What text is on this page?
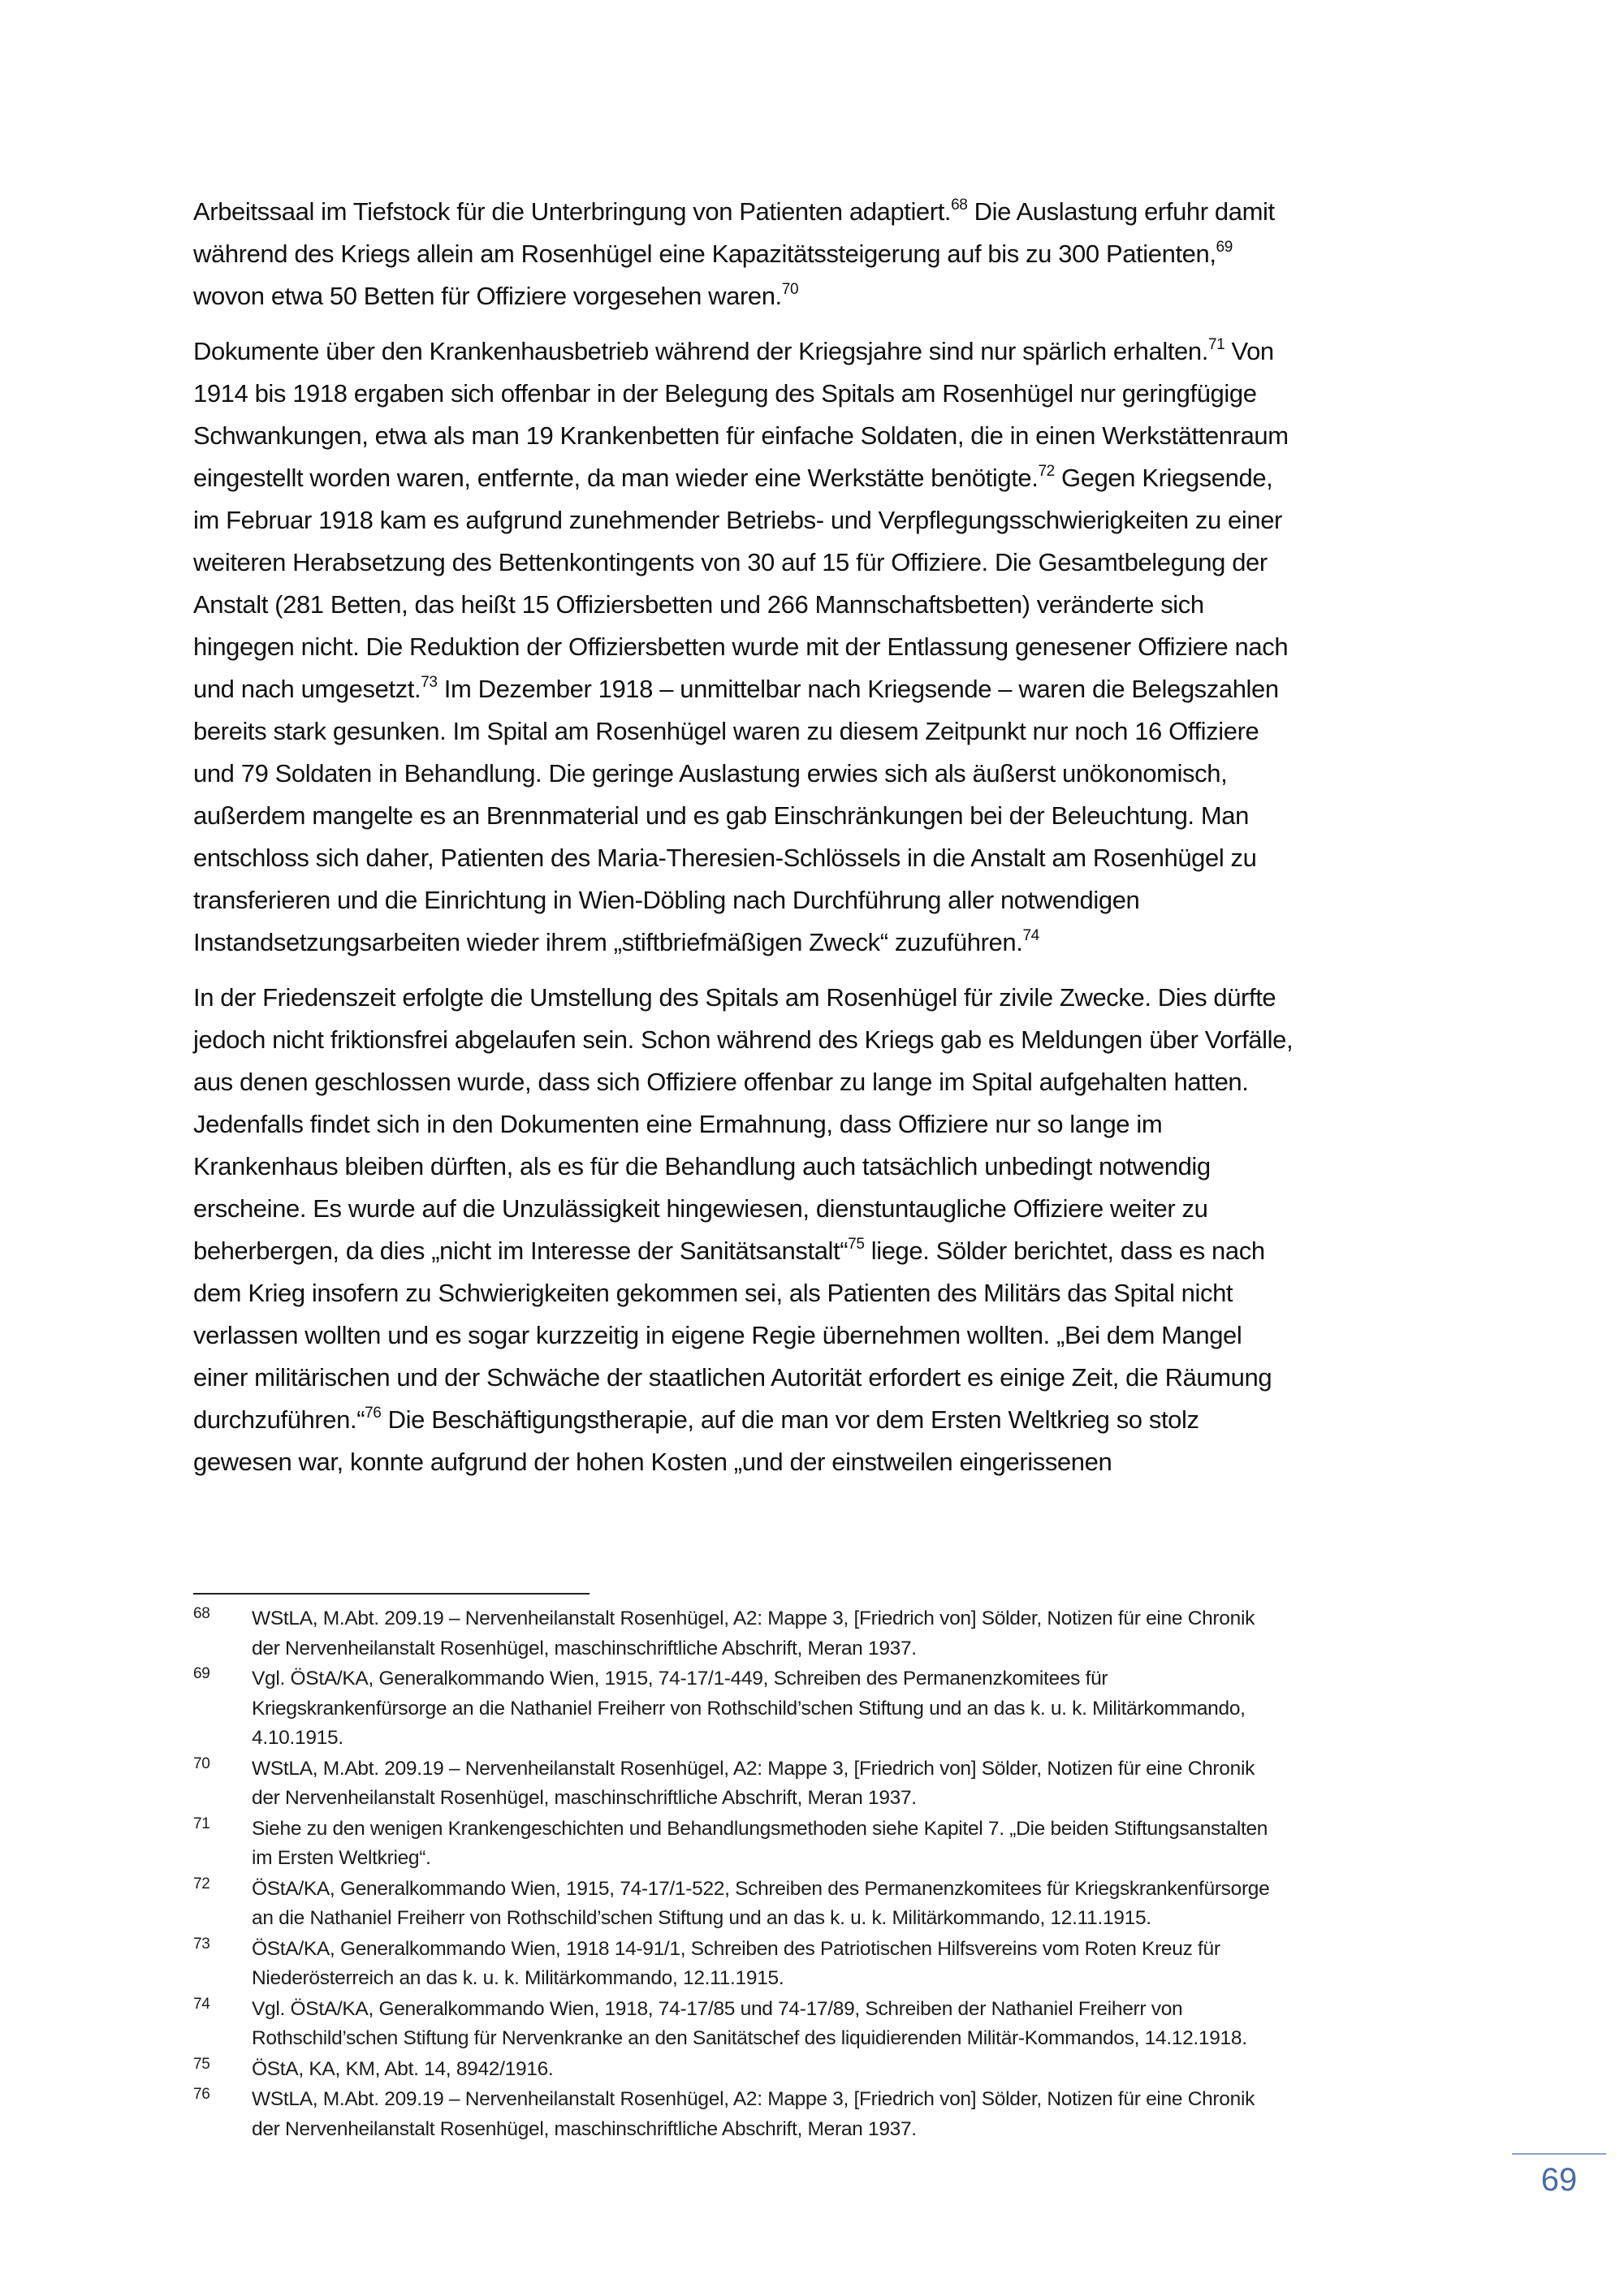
Arbeitssaal im Tiefstock für die Unterbringung von Patienten adaptiert.$^{68}$ Die Auslastung erfuhr damit
während des Kriegs allein am Rosenhügel eine Kapazitätssteigerung auf bis zu 300 Patienten,$^{69}$
wovon etwa 50 Betten für Offiziere vorgesehen waren.$^{70}$
Dokumente über den Krankenhausbetrieb während der Kriegsjahre sind nur spärlich erhalten.$^{71}$ Von
1914 bis 1918 ergaben sich offenbar in der Belegung des Spitals am Rosenhügel nur geringfügige
Schwankungen, etwa als man 19 Krankenbetten für einfache Soldaten, die in einen Werkstättenraum
eingestellt worden waren, entfernte, da man wieder eine Werkstätte benötigte.$^{72}$ Gegen Kriegsende,
im Februar 1918 kam es aufgrund zunehmender Betriebs- und Verpflegungsschwierigkeiten zu einer
weiteren Herabsetzung des Bettenkontingents von 30 auf 15 für Offiziere. Die Gesamtbelegung der
Anstalt (281 Betten, das heißt 15 Offiziersbetten und 266 Mannschaftsbetten) veränderte sich
hingegen nicht. Die Reduktion der Offiziersbetten wurde mit der Entlassung genesener Offiziere nach
und nach umgesetzt.$^{73}$ Im Dezember 1918 – unmittelbar nach Kriegsende – waren die Belegszahlen
bereits stark gesunken. Im Spital am Rosenhügel waren zu diesem Zeitpunkt nur noch 16 Offiziere
und 79 Soldaten in Behandlung. Die geringe Auslastung erwies sich als äußerst unökonomisch,
außerdem mangelte es an Brennmaterial und es gab Einschränkungen bei der Beleuchtung. Man
entschloss sich daher, Patienten des Maria-Theresien-Schlössels in die Anstalt am Rosenhügel zu
transferieren und die Einrichtung in Wien-Döbling nach Durchführung aller notwendigen
Instandsetzungsarbeiten wieder ihrem „stiftbriefmäßigen Zweck“ zuzuführen.$^{74}$
In der Friedenszeit erfolgte die Umstellung des Spitals am Rosenhügel für zivile Zwecke. Dies dürfte
jedoch nicht friktionsfrei abgelaufen sein. Schon während des Kriegs gab es Meldungen über Vorfälle,
aus denen geschlossen wurde, dass sich Offiziere offenbar zu lange im Spital aufgehalten hatten.
Jedenfalls findet sich in den Dokumenten eine Ermahnung, dass Offiziere nur so lange im
Krankenhaus bleiben dürften, als es für die Behandlung auch tatsächlich unbedingt notwendig
erscheine. Es wurde auf die Unzulässigkeit hingewiesen, dienstuntaugliche Offiziere weiter zu
beherbergen, da dies „nicht im Interesse der Sanitätsanstalt“$^{75}$ liege. Sölder berichtet, dass es nach
dem Krieg insofern zu Schwierigkeiten gekommen sei, als Patienten des Militärs das Spital nicht
verlassen wollten und es sogar kurzzeitig in eigene Regie übernehmen wollten. „Bei dem Mangel
einer militärischen und der Schwäche der staatlichen Autorität erfordert es einige Zeit, die Räumung
durchzuführen.“$^{76}$ Die Beschäftigungstherapie, auf die man vor dem Ersten Weltkrieg so stolz
gewesen war, konnte aufgrund der hohen Kosten „und der einstweilen eingerissenen
68 WStLA, M.Abt. 209.19 – Nervenheilanstalt Rosenhügel, A2: Mappe 3, [Friedrich von] Sölder, Notizen für eine Chronik
der Nervenheilanstalt Rosenhügel, maschinschriftliche Abschrift, Meran 1937.
69 Vgl. ÖStA/KA, Generalkommando Wien, 1915, 74-17/1-449, Schreiben des Permanenzkomitees für
Kriegskrankenfürsorge an die Nathaniel Freiherr von Rothschild’schen Stiftung und an das k. u. k. Militärkommando,
4.10.1915.
70 WStLA, M.Abt. 209.19 – Nervenheilanstalt Rosenhügel, A2: Mappe 3, [Friedrich von] Sölder, Notizen für eine Chronik
der Nervenheilanstalt Rosenhügel, maschinschriftliche Abschrift, Meran 1937.
71 Siehe zu den wenigen Krankengeschichten und Behandlungsmethoden siehe Kapitel 7. „Die beiden Stiftungsanstalten
im Ersten Weltkrieg“.
72 ÖStA/KA, Generalkommando Wien, 1915, 74-17/1-522, Schreiben des Permanenzkomitees für Kriegskrankenfürsorge
an die Nathaniel Freiherr von Rothschild’schen Stiftung und an das k. u. k. Militärkommando, 12.11.1915.
73 ÖStA/KA, Generalkommando Wien, 1918 14-91/1, Schreiben des Patriotischen Hilfsvereins vom Roten Kreuz für
Niederösterreich an das k. u. k. Militärkommando, 12.11.1915.
74 Vgl. ÖStA/KA, Generalkommando Wien, 1918, 74-17/85 und 74-17/89, Schreiben der Nathaniel Freiherr von
Rothschild’schen Stiftung für Nervenkranke an den Sanitätschef des liquidierenden Militär-Kommandos, 14.12.1918.
75 ÖStA, KA, KM, Abt. 14, 8942/1916.
76 WStLA, M.Abt. 209.19 – Nervenheilanstalt Rosenhügel, A2: Mappe 3, [Friedrich von] Sölder, Notizen für eine Chronik
der Nervenheilanstalt Rosenhügel, maschinschriftliche Abschrift, Meran 1937.
69
